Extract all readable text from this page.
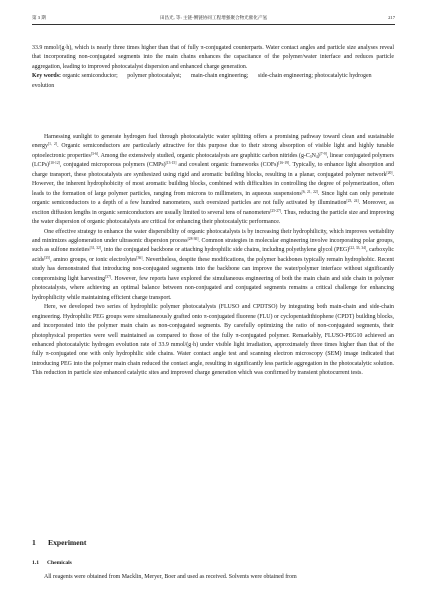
第 3 期	田昌光, 等: 主链-侧链协同工程增强聚合物光催化产氢	217

33.9 mmol/(g·h), which is nearly three times higher than that of fully π-conjugated counterparts. Water contact angles and particle size analyses reveal that incorporating non-conjugated segments into the main chains enhances the capacitance of the polymer/water interface and reduces particle aggregation, leading to improved photocatalyst dispersion and enhanced charge generation.

Key words: organic semiconductor; polymer photocatalyst; main-chain engineering; side-chain engineering; photocatalytic hydrogen evolution

Harnessing sunlight to generate hydrogen fuel through photocatalytic water splitting offers a promising pathway toward clean and sustainable energy[1, 2]. Organic semiconductors are particularly attractive for this purpose due to their strong absorption of visible light and highly tunable optoelectronic properties[3-6]. Among the extensively studied, organic photocatalysts are graphitic carbon nitrides $(g-C_3N_4)[7-9]$, linear conjugated polymers (LCPs)[10-12], conjugated microporous polymers (CMPs)[13-15] and covalent organic frameworks (COFs)[16-19]. Typically, to enhance light absorption and charge transport, these photocatalysts are synthesized using rigid and aromatic building blocks, resulting in a planar, conjugated polymer network[20]. However, the inherent hydrophobicity of most aromatic building blocks, combined with difficulties in controlling the degree of polymerization, often leads to the formation of large polymer particles, ranging from microns to millimeters, in aqueous suspensions[6, 21, 22]. Since light can only penetrate organic semiconductors to a depth of a few hundred nanometers, such oversized particles are not fully activated by illumination[23, 24]. Moreover, as exciton diffusion lengths in organic semiconductors are usually limited to several tens of nanometers[25-27]. Thus, reducing the particle size and improving the water dispersion of organic photocatalysts are critical for enhancing their photocatalytic performance.

One effective strategy to enhance the water dispersibility of organic photocatalysts is by increasing their hydrophilicity, which improves wettability and minimizes agglomeration under ultrasonic dispersion process[28-30]. Common strategies in molecular engineering involve incorporating polar groups, such as sulfone moieties[31, 32], into the conjugated backbone or attaching hydrophilic side chains, including polyethylene glycol (PEG)[22, 33, 34], carboxylic acids[35], amino groups, or ionic electrolytes[36]. Nevertheless, despite these modifications, the polymer backbones typically remain hydrophobic. Recent study has demonstrated that introducing non-conjugated segments into the backbone can improve the water/polymer interface without significantly compromising light harvesting[37]. However, few reports have explored the simultaneous engineering of both the main chain and side chain in polymer photocatalysts, where achieving an optimal balance between non-conjugated and conjugated segments remains a critical challenge for enhancing hydrophilicity while maintaining efficient charge transport.

Here, we developed two series of hydrophilic polymer photocatalysts (FLUSO and CPDTSO) by integrating both main-chain and side-chain engineering. Hydrophilic PEG groups were simultaneously grafted onto π-conjugated fluorene (FLU) or cyclopentadithiophene (CPDT) building blocks, and incorporated into the polymer main chain as non-conjugated segments. By carefully optimizing the ratio of non-conjugated segments, their photophysical properties were well maintained as compared to those of the fully π-conjugated polymer. Remarkably, FLUSO-PEG10 achieved an enhanced photocatalytic hydrogen evolution rate of 33.9 mmol/(g·h) under visible light irradiation, approximately three times higher than that of the fully π-conjugated one with only hydrophilic side chains. Water contact angle test and scanning electron microscopy (SEM) image indicated that introducing PEG into the polymer main chain reduced the contact angle, resulting in significantly less particle aggregation in the photocatalytic solution. This reduction in particle size enhanced catalytic sites and improved charge generation which was confirmed by transient photocurrent tests.

1 Experiment
1.1 Chemicals

All reagents were obtained from Macklin, Meryer, Boer and used as received. Solvents were obtained from
